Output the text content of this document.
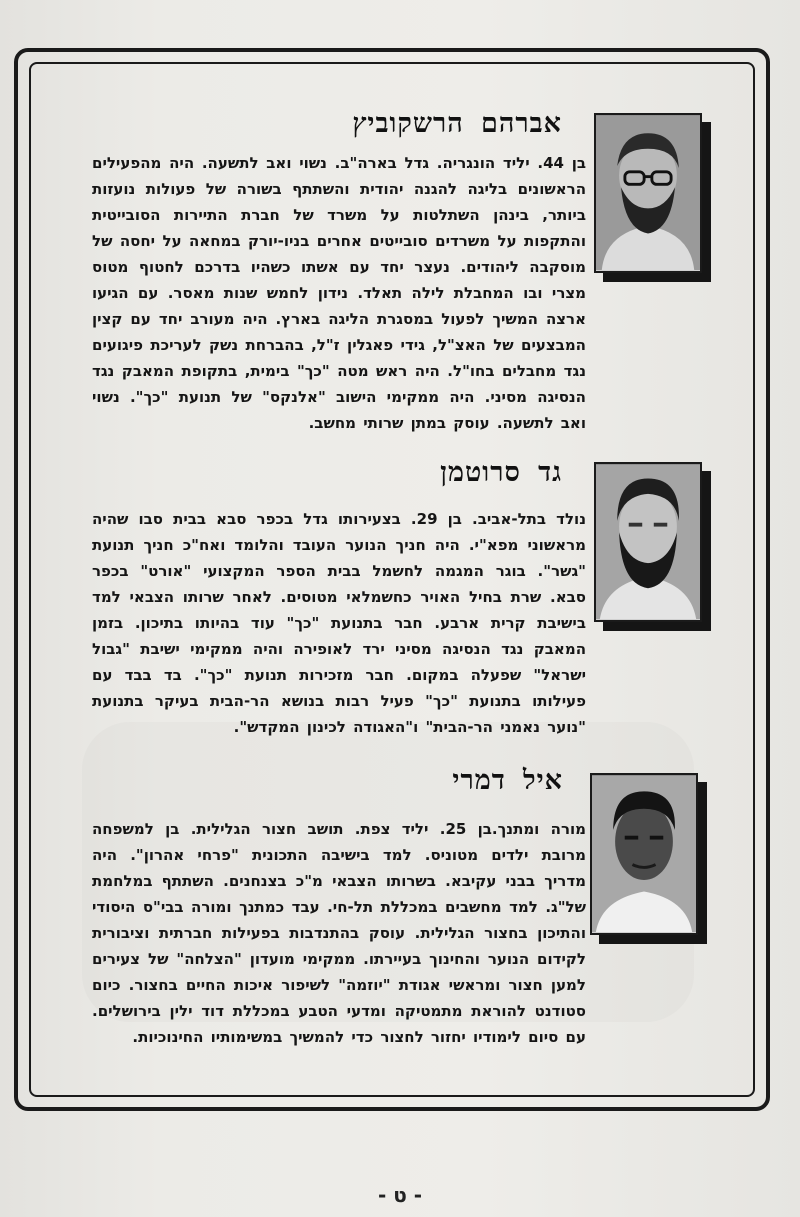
אברהם הרשקוביץ
בן 44. יליד הונגריה. גדל בארה"ב. נשוי ואב לתשעה. היה מהפעילים הראשונים בליגה להגנה יהודית והשתתף בשורה של פעולות נועזות ביותר, בינהן השתלטות על משרד של חברת התיירות הסובייטית והתקפות על משרדים סובייטים אחרים בניו-יורק במחאה על יחסה של מוסקבה ליהודים. נעצר יחד עם אשתו כשהיו בדרכם לחטוף מטוס מצרי ובו המחבלת לילה תאלד. נידון לחמש שנות מאסר. עם הגיעו ארצה המשיך לפעול במסגרת הליגה בארץ. היה מעורב יחד עם קצין המבצעים של האצ"ל, גידי פאגלין ז"ל, בהברחת נשק לעריכת פיגועים נגד מחבלים בחו"ל. היה ראש מטה "כך" בימית, בתקופת המאבק נגד הנסיגה מסיני. היה ממקימי הישוב "אלנקס" של תנועת "כך". נשוי ואב לתשעה. עוסק במתן שרותי מחשב.
גד סרוטמן
נולד בתל-אביב. בן 29. בצעירותו גדל בכפר סבא בבית סבו שהיה מראשוני מפא"י. היה חניך הנוער העובד והלומד ואח"כ חניך תנועת "גשר". בוגר המגמה לחשמל בבית הספר המקצועי "אורט" בכפר סבא. שרת בחיל האויר כחשמלאי מטוסים. לאחר שרותו הצבאי למד בישיבת קרית ארבע. חבר בתנועת "כך" עוד בהיותו בתיכון. בזמן המאבק נגד הנסיגה מסיני ירד לאופירה והיה ממקימי ישיבת "גבול ישראל" שפעלה במקום. חבר מזכירות תנועת "כך". בד בבד עם פעילותו בתנועת "כך" פעיל רבות בנושא הר-הבית בעיקר בתנועת "נוער נאמני הר-הבית" ו"האגודה לכינון המקדש".
איל דמרי
מורה ומתנך.בן 25. יליד צפת. תושב חצור הגלילית. בן למשפחה מרובת ילדים מטוניס. למד בישיבה התכונית "פרחי אהרון". היה מדריך בבני עקיבא. בשרותו הצבאי מ"כ בצנחנים. השתתף במלחמת של"ג. למד מחשבים במכללת תל-חי. עבד כמתנך ומורה בבי"ס היסודי והתיכון בחצור הגלילית. עוסק בהתנדבות בפעילות חברתית וציבורית לקידום הנוער והחינוך בעיירתו. ממקימי מועדון "הצלחה" של צעירים למען חצור ומראשי אגודת "יוזמה" לשיפור איכות החיים בחצור. כיום סטודנט להוראת מתמטיקה ומדעי הטבע במכללת דוד ילין בירושלים. עם סיום לימודיו יחזור לחצור כדי להמשיך במשימותיו החינוכיות.
- ט -
